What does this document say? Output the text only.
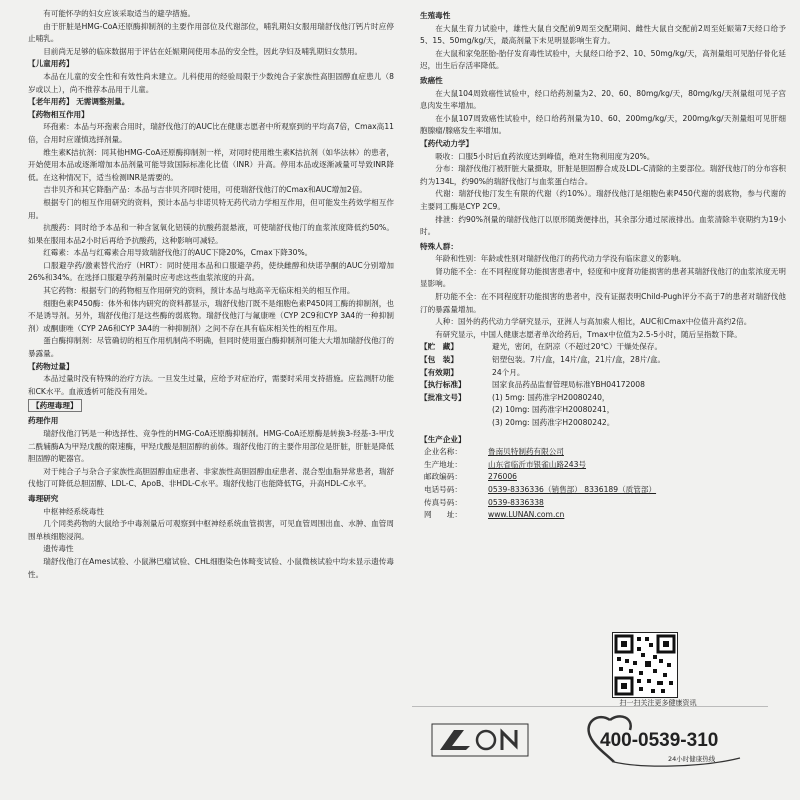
有可能怀孕的妇女应该采取适当的避孕措施。

由于肝脏是HMG-CoA还原酶抑制剂的主要作用部位及代谢部位，哺乳期妇女服用瑞舒伐他汀钙片时应停止哺乳。

目前尚无足够的临床数据用于评估在妊娠期间使用本品的安全性，因此孕妇及哺乳期妇女禁用。

【儿童用药】

本品在儿童的安全性和有效性尚未建立。儿科使用的经验局限于少数纯合子家族性高胆固醇血症患儿（8岁或以上），尚不推荐本品用于儿童。

【老年用药】 无需调整剂量。

【药物相互作用】

环孢素：本品与环孢素合用时，瑞舒伐他汀的AUC比在健康志愿者中所观察到的平均高7倍，Cmax高11倍，合用时应谨慎选择剂量。

维生素K拮抗剂：同其他HMG-CoA还原酶抑制剂一样，对同时使用维生素K拮抗剂（如华法林）的患者，开始使用本品或逐渐增加本品剂量可能导致国际标准化比值（INR）升高。停用本品或逐渐减量可导致INR降低。在这种情况下，适当检测INR是需要的。

吉非贝齐和其它降脂产品：本品与吉非贝齐同时使用，可使瑞舒伐他汀的Cmax和AUC增加2倍。

根据专门的相互作用研究的资料，预计本品与非诺贝特无药代动力学相互作用，但可能发生药效学相互作用。

抗酸药：同时给予本品和一种含氢氧化铝镁的抗酸药混悬液，可使瑞舒伐他汀的血浆浓度降低约50%。如果在服用本品2小时后再给予抗酸药，这种影响可减轻。

红霉素：本品与红霉素合用导致瑞舒伐他汀的AUC下降20%，Cmax下降30%。

口服避孕药/激素替代治疗（HRT）：同时使用本品和口服避孕药，使炔雌醇和炔诺孕酮的AUC分别增加26%和34%。在选择口服避孕药剂量时应考虑这些血浆浓度的升高。

其它药物：根据专门的药物相互作用研究的资料，预计本品与地高辛无临床相关的相互作用。

细胞色素P450酶：体外和体内研究的资料都显示，瑞舒伐他汀既不是细胞色素P450同工酶的抑制剂，也不是诱导剂。另外，瑞舒伐他汀是这些酶的弱底物。瑞舒伐他汀与氟康唑（CYP 2C9和CYP 3A4的一种抑制剂）或酮康唑（CYP 2A6和CYP 3A4的一种抑制剂）之间不存在具有临床相关性的相互作用。

蛋白酶抑制剂：尽管确切的相互作用机制尚不明确，但同时使用蛋白酶抑制剂可能大大增加瑞舒伐他汀的暴露量。

【药物过量】

本品过量时没有特殊的治疗方法。一旦发生过量，应给予对症治疗，需要时采用支持措施。应监测肝功能和CK水平。血液透析可能没有用处。

【药理毒理】

药理作用

瑞舒伐他汀钙是一种选择性、竞争性的HMG-CoA还原酶抑制剂。HMG-CoA还原酶是转换3-羟基-3-甲戊二酰辅酶A为甲羟戊酸的限速酶，甲羟戊酸是胆固醇的前体。瑞舒伐他汀的主要作用部位是肝脏，肝脏是降低胆固醇的靶器官。

对于纯合子与杂合子家族性高胆固醇血症患者、非家族性高胆固醇血症患者、混合型血脂异常患者，瑞舒伐他汀可降低总胆固醇、LDL-C、ApoB、非HDL-C水平。瑞舒伐他汀也能降低TG，升高HDL-C水平。

毒理研究

中枢神经系统毒性

几个同类药物的大鼠给予中毒剂量后可观察到中枢神经系统血管损害，可见血管周围出血、水肿、血管周围单核细胞浸润。

遗传毒性

瑞舒伐他汀在Ames试验、小鼠淋巴瘤试验、CHL细胞染色体畸变试验、小鼠微核试验中均未显示遗传毒性。

生殖毒性

在大鼠生育力试验中，雄性大鼠自交配前9周至交配期间、雌性大鼠自交配前2周至妊娠第7天经口给予5、15、50mg/kg/天，最高剂量下未见明显影响生育力。

在大鼠和家兔胚胎-胎仔发育毒性试验中，大鼠经口给予2、10、50mg/kg/天，高剂量组可见胎仔骨化延迟，出生后存活率降低。

致癌性

在大鼠104周致癌性试验中，经口给药剂量为2、20、60、80mg/kg/天，80mg/kg/天剂量组可见子宫息肉发生率增加。

在小鼠107周致癌性试验中，经口给药剂量为10、60、200mg/kg/天，200mg/kg/天剂量组可见肝细胞腺瘤/腺癌发生率增加。

【药代动力学】

吸收：口服5小时后血药浓度达到峰值，绝对生物利用度为20%。

分布：瑞舒伐他汀被肝脏大量摄取，肝脏是胆固醇合成及LDL-C清除的主要部位。瑞舒伐他汀的分布容积约为134L，约90%的瑞舒伐他汀与血浆蛋白结合。

代谢：瑞舒伐他汀发生有限的代谢（约10%）。瑞舒伐他汀是细胞色素P450代谢的弱底物，参与代谢的主要同工酶是CYP 2C9。

排泄：约90%剂量的瑞舒伐他汀以原形随粪便排出，其余部分通过尿液排出。血浆清除半衰期约为19小时。

特殊人群：

年龄和性别：年龄或性别对瑞舒伐他汀的药代动力学没有临床意义的影响。

肾功能不全：在不同程度肾功能损害患者中，轻度和中度肾功能损害的患者其瑞舒伐他汀的血浆浓度无明显影响。

肝功能不全：在不同程度肝功能损害的患者中，没有证据表明Child-Pugh评分不高于7的患者对瑞舒伐他汀的暴露量增加。

人种：国外的药代动力学研究显示，亚洲人与高加索人相比，AUC和Cmax中位值升高约2倍。

有研究显示，中国人健康志愿者单次给药后，Tmax中位值为2.5-5小时，随后呈指数下降。

【贮　藏】	避光，密闭，在阴凉（不超过20℃）干燥处保存。
【包　装】	铝塑包装。7片/盒，14片/盒，21片/盒，28片/盒。
【有效期】	24个月。
【执行标准】	国家食品药品监督管理局标准YBH04172008
【批准文号】	(1) 5mg: 国药准字H20080240，
(2) 10mg: 国药准字H20080241，
(3) 20mg: 国药准字H20080242。

【生产企业】

企业名称：	鲁南贝特制药有限公司
生产地址：	山东省临沂市银雀山路243号
邮政编码：	276006
电话号码：	0539-8336336（销售部） 8336189（质管部）
传真号码：	0539-8336338
网　　址：	www.LUNAN.com.cn
扫一扫关注更多健康资讯
400-0539-310
24小时健康热线
